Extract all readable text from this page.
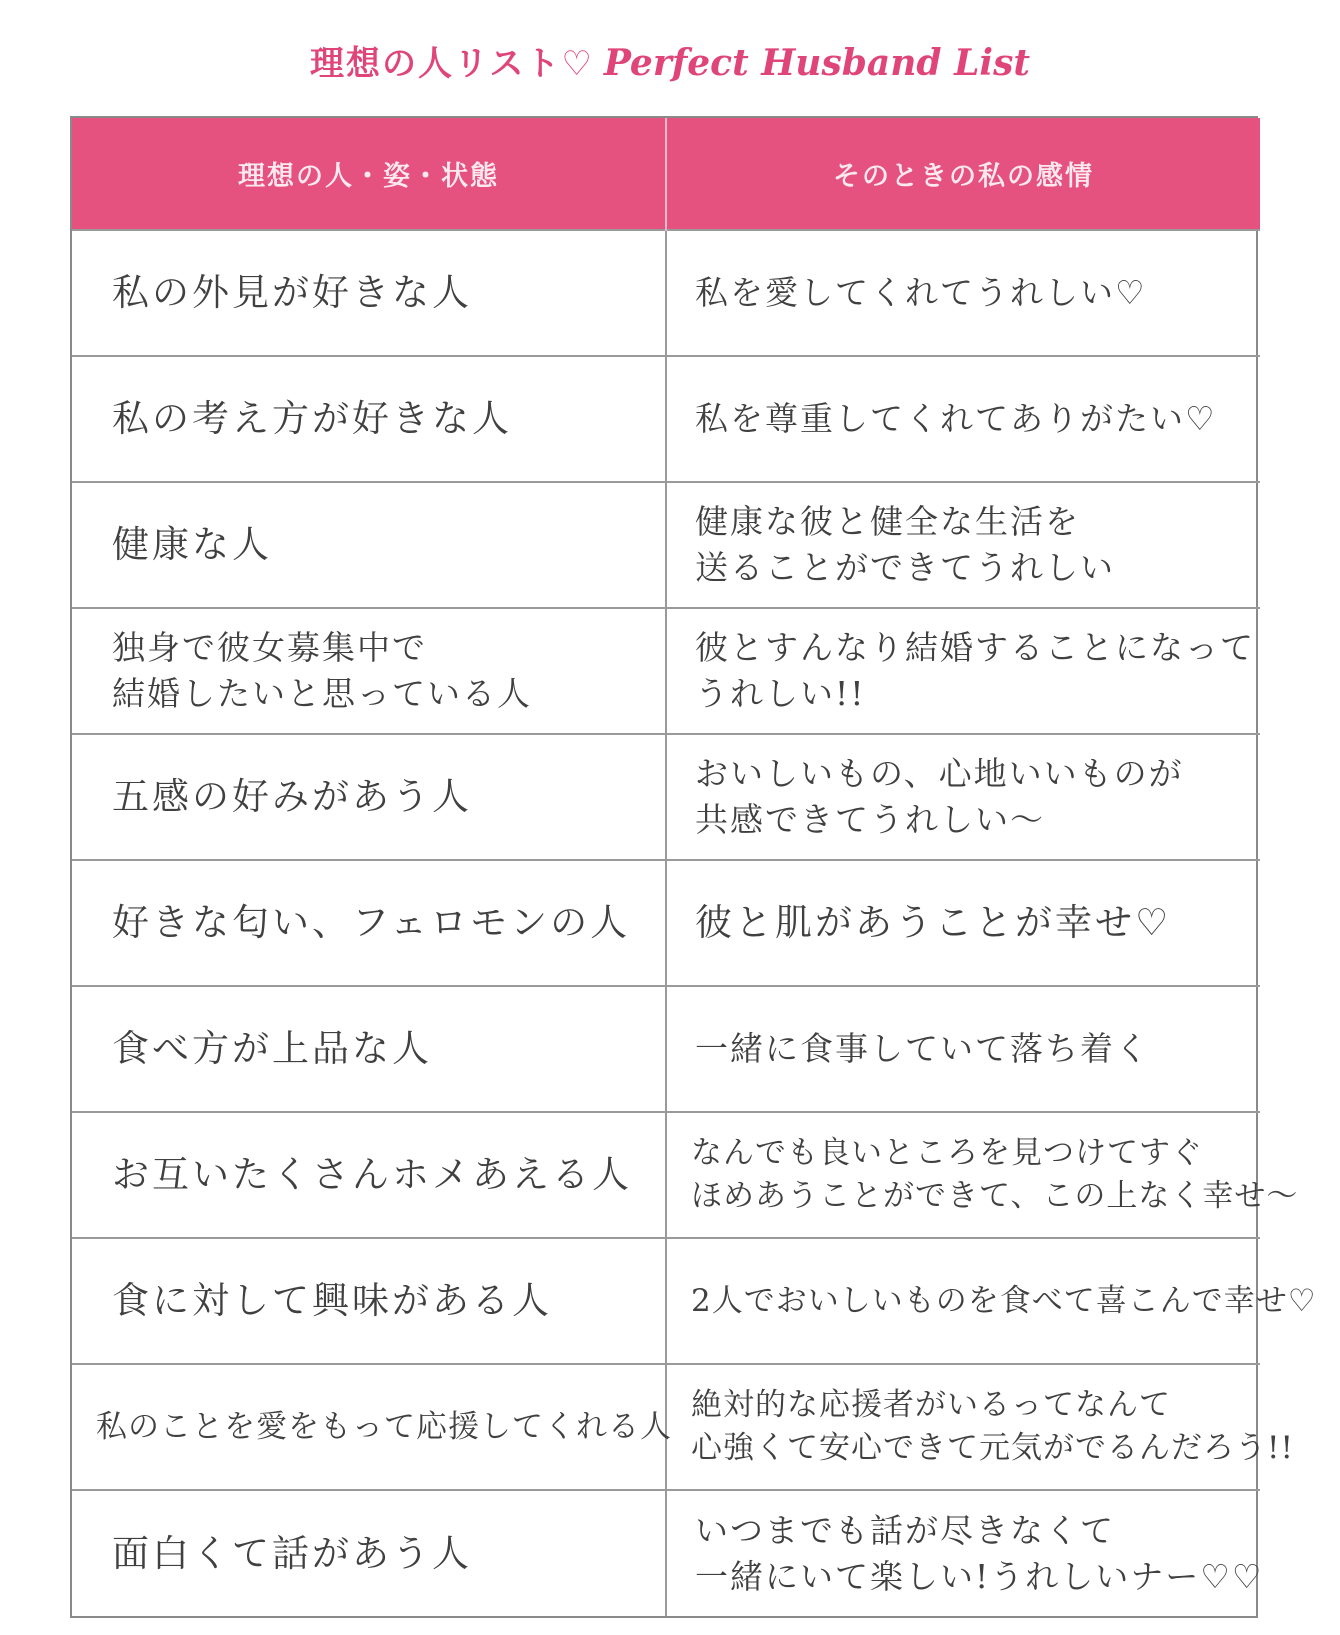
理想の人リスト♡ Perfect Husband List
理想の人・姿・状態	そのときの私の感情

私の外見が好きな人	私を愛してくれてうれしい♡

私の考え方が好きな人	私を尊重してくれてありがたい♡

健康な人	健康な彼と健全な生活を
送ることができてうれしい

独身で彼女募集中で
結婚したいと思っている人	彼とすんなり結婚することになって
うれしい!!

五感の好みがあう人	おいしいもの、心地いいものが
共感できてうれしい〜

好きな匂い、フェロモンの人	彼と肌があうことが幸せ♡

食べ方が上品な人	一緒に食事していて落ち着く

お互いたくさんホメあえる人	なんでも良いところを見つけてすぐ
ほめあうことができて、この上なく幸せ〜

食に対して興味がある人	2人でおいしいものを食べて喜こんで幸せ♡

私のことを愛をもって応援してくれる人	絶対的な応援者がいるってなんて
心強くて安心できて元気がでるんだろう!!

面白くて話があう人	いつまでも話が尽きなくて
一緒にいて楽しい!うれしいナー♡♡
